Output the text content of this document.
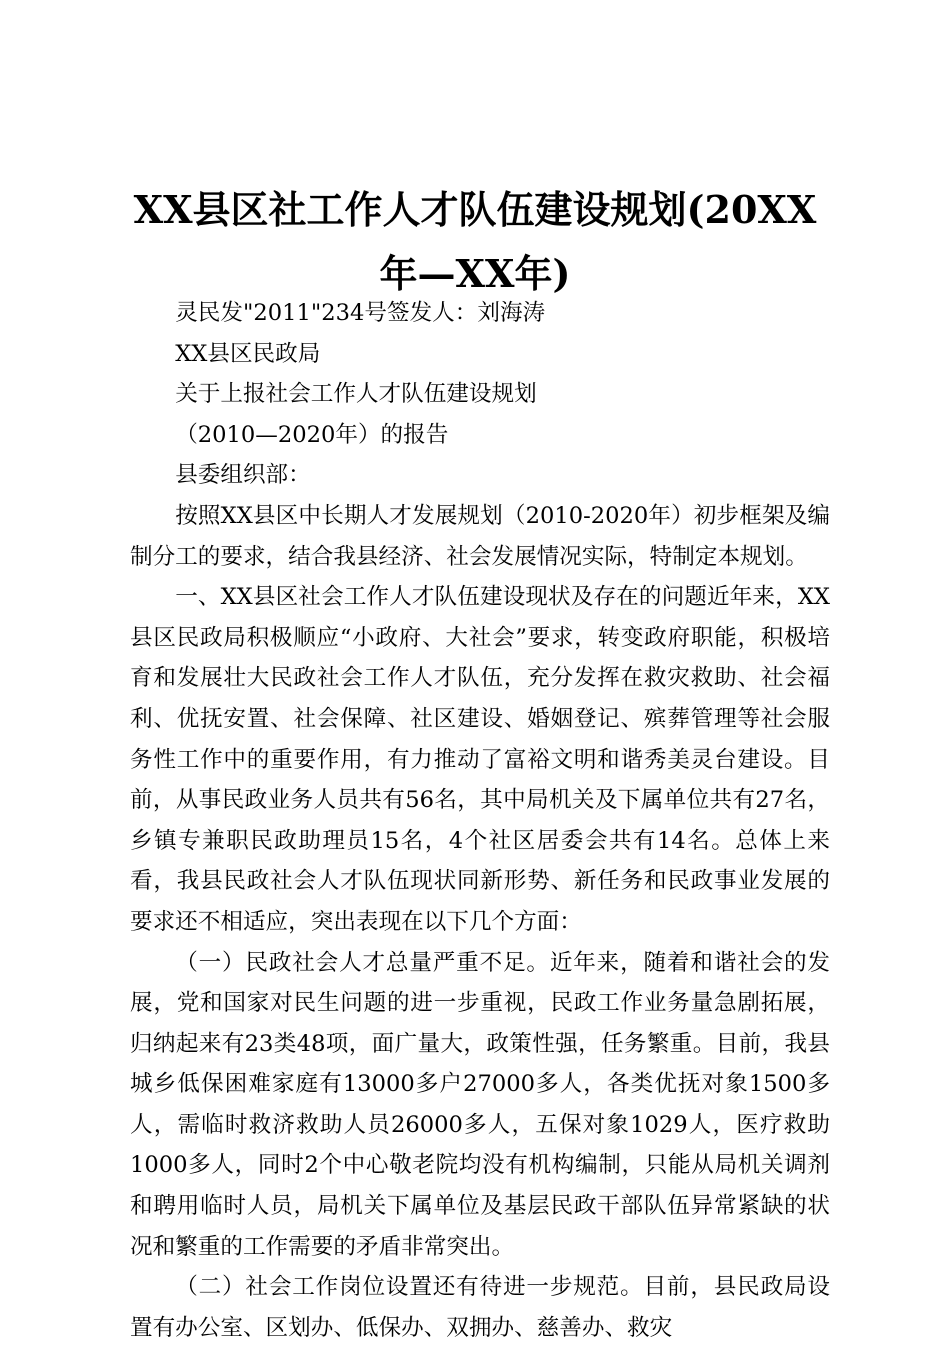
XX县区社工作人才队伍建设规划(20XX年—XX年)

灵民发"2011"234号签发人：刘海涛

XX县区民政局

关于上报社会工作人才队伍建设规划

（2010—2020年）的报告

县委组织部：

按照XX县区中长期人才发展规划（2010-2020年）初步框架及编制分工的要求，结合我县经济、社会发展情况实际，特制定本规划。

一、XX县区社会工作人才队伍建设现状及存在的问题近年来，XX县区民政局积极顺应“小政府、大社会”要求，转变政府职能，积极培育和发展壮大民政社会工作人才队伍，充分发挥在救灾救助、社会福利、优抚安置、社会保障、社区建设、婚姻登记、殡葬管理等社会服务性工作中的重要作用，有力推动了富裕文明和谐秀美灵台建设。目前，从事民政业务人员共有56名，其中局机关及下属单位共有27名，乡镇专兼职民政助理员15名，4个社区居委会共有14名。总体上来看，我县民政社会人才队伍现状同新形势、新任务和民政事业发展的要求还不相适应，突出表现在以下几个方面：

（一）民政社会人才总量严重不足。近年来，随着和谐社会的发展，党和国家对民生问题的进一步重视，民政工作业务量急剧拓展，归纳起来有23类48项，面广量大，政策性强，任务繁重。目前，我县城乡低保困难家庭有13000多户27000多人，各类优抚对象1500多人，需临时救济救助人员26000多人，五保对象1029人，医疗救助1000多人，同时2个中心敬老院均没有机构编制，只能从局机关调剂和聘用临时人员，局机关下属单位及基层民政干部队伍异常紧缺的状况和繁重的工作需要的矛盾非常突出。

（二）社会工作岗位设置还有待进一步规范。目前，县民政局设置有办公室、区划办、低保办、双拥办、慈善办、救灾
